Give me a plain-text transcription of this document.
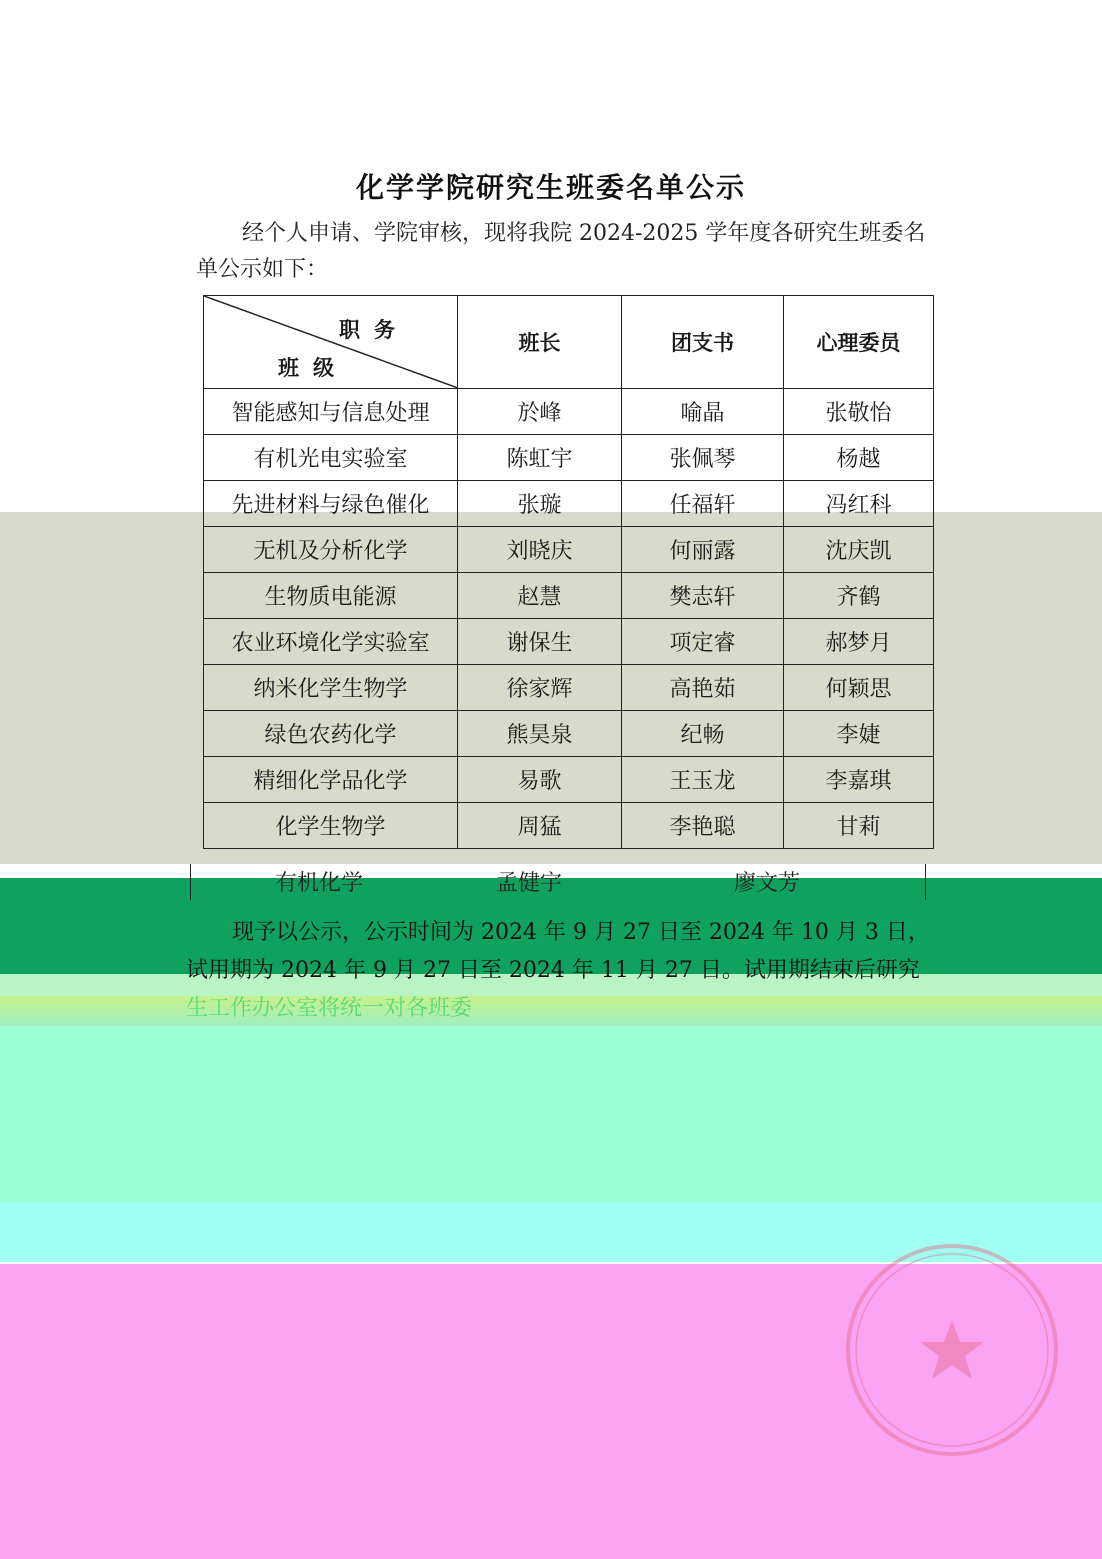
化学学院研究生班委名单公示
经个人申请、学院审核，现将我院 2024-2025 学年度各研究生班委名单公示如下：
职务
班级	班长	团支书	心理委员
智能感知与信息处理	於峰	喻晶	张敬怡
有机光电实验室	陈虹宇	张佩琴	杨越
先进材料与绿色催化	张璇	任福轩	冯红科
无机及分析化学	刘晓庆	何丽露	沈庆凯
生物质电能源	赵慧	樊志轩	齐鹤
农业环境化学实验室	谢保生	项定睿	郝梦月
纳米化学生物学	徐家辉	高艳茹	何颖思
绿色农药化学	熊昊泉	纪畅	李婕
精细化学品化学	易歌	王玉龙	李嘉琪
化学生物学	周猛	李艳聪	甘莉
有机化学	孟健宇	廖文芳

现予以公示，公示时间为 2024 年 9 月 27 日至 2024 年 10 月 3 日，

试用期为 2024 年 9 月 27 日至 2024 年 11 月 27 日。试用期结束后研究

生工作办公室将统一对各班委
